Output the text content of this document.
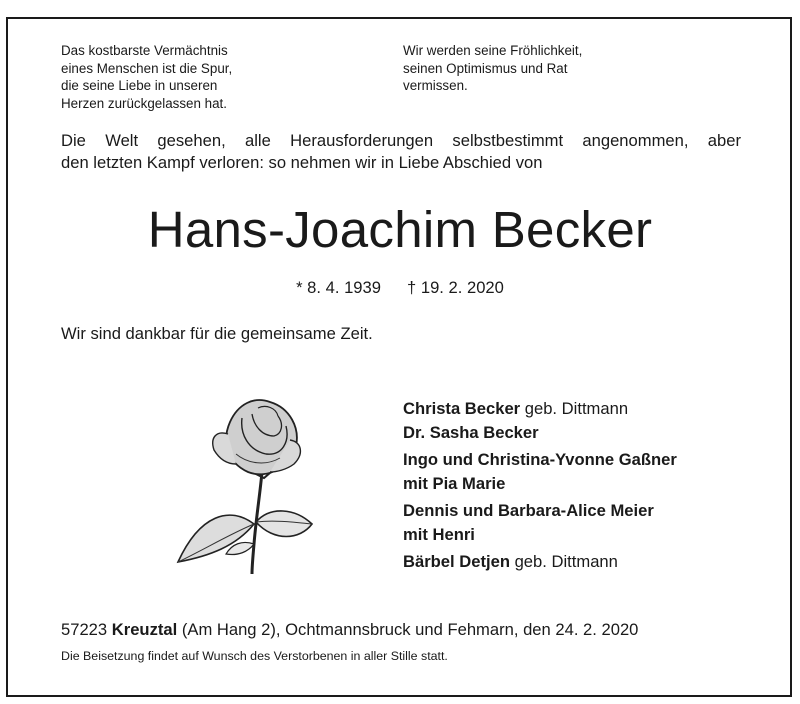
Das kostbarste Vermächtnis
eines Menschen ist die Spur,
die seine Liebe in unseren
Herzen zurückgelassen hat.
Wir werden seine Fröhlichkeit,
seinen Optimismus und Rat
vermissen.
Die Welt gesehen, alle Herausforderungen selbstbestimmt angenommen, aber
den letzten Kampf verloren: so nehmen wir in Liebe Abschied von
Hans-Joachim Becker
* 8. 4. 1939 † 19. 2. 2020
Wir sind dankbar für die gemeinsame Zeit.
Christa Becker geb. Dittmann
Dr. Sasha Becker
Ingo und Christina-Yvonne Gaßner
mit Pia Marie
Dennis und Barbara-Alice Meier
mit Henri
Bärbel Detjen geb. Dittmann
57223 Kreuztal (Am Hang 2), Ochtmannsbruck und Fehmarn, den 24. 2. 2020
Die Beisetzung findet auf Wunsch des Verstorbenen in aller Stille statt.
